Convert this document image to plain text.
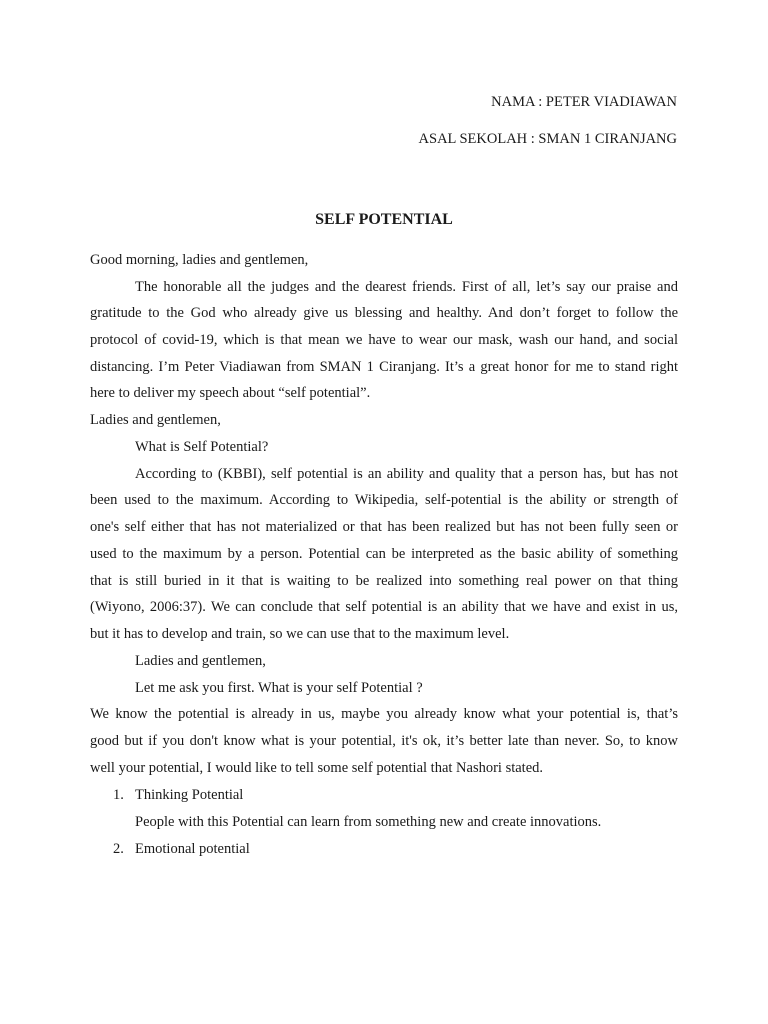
NAMA : PETER VIADIAWAN
ASAL SEKOLAH : SMAN 1 CIRANJANG
SELF POTENTIAL
Good morning, ladies and gentlemen,
The honorable all the judges and the dearest friends. First of all, let’s say our praise and
gratitude to the God who already give us blessing and healthy. And don’t forget to follow the
protocol of covid-19, which is that mean we have to wear our mask, wash our hand, and social
distancing. I’m Peter Viadiawan from SMAN 1 Ciranjang. It’s a great honor for me to stand right
here to deliver my speech about “self potential”.
Ladies and gentlemen,
What is Self Potential?
According to (KBBI), self potential is an ability and quality that a person has, but has not
been used to the maximum. According to Wikipedia, self-potential is the ability or strength of
one's self either that has not materialized or that has been realized but has not been fully seen or
used to the maximum by a person. Potential can be interpreted as the basic ability of something
that is still buried in it that is waiting to be realized into something real power on that thing
(Wiyono, 2006:37). We can conclude that self potential is an ability that we have and exist in us,
but it has to develop and train, so we can use that to the maximum level.
Ladies and gentlemen,
Let me ask you first. What is your self Potential ?
We know the potential is already in us, maybe you already know what your potential is, that’s
good but if you don't know what is your potential, it's ok, it’s better late than never. So, to know
well your potential, I would like to tell some self potential that Nashori stated.
1. Thinking Potential
People with this Potential can learn from something new and create innovations.
2. Emotional potential
